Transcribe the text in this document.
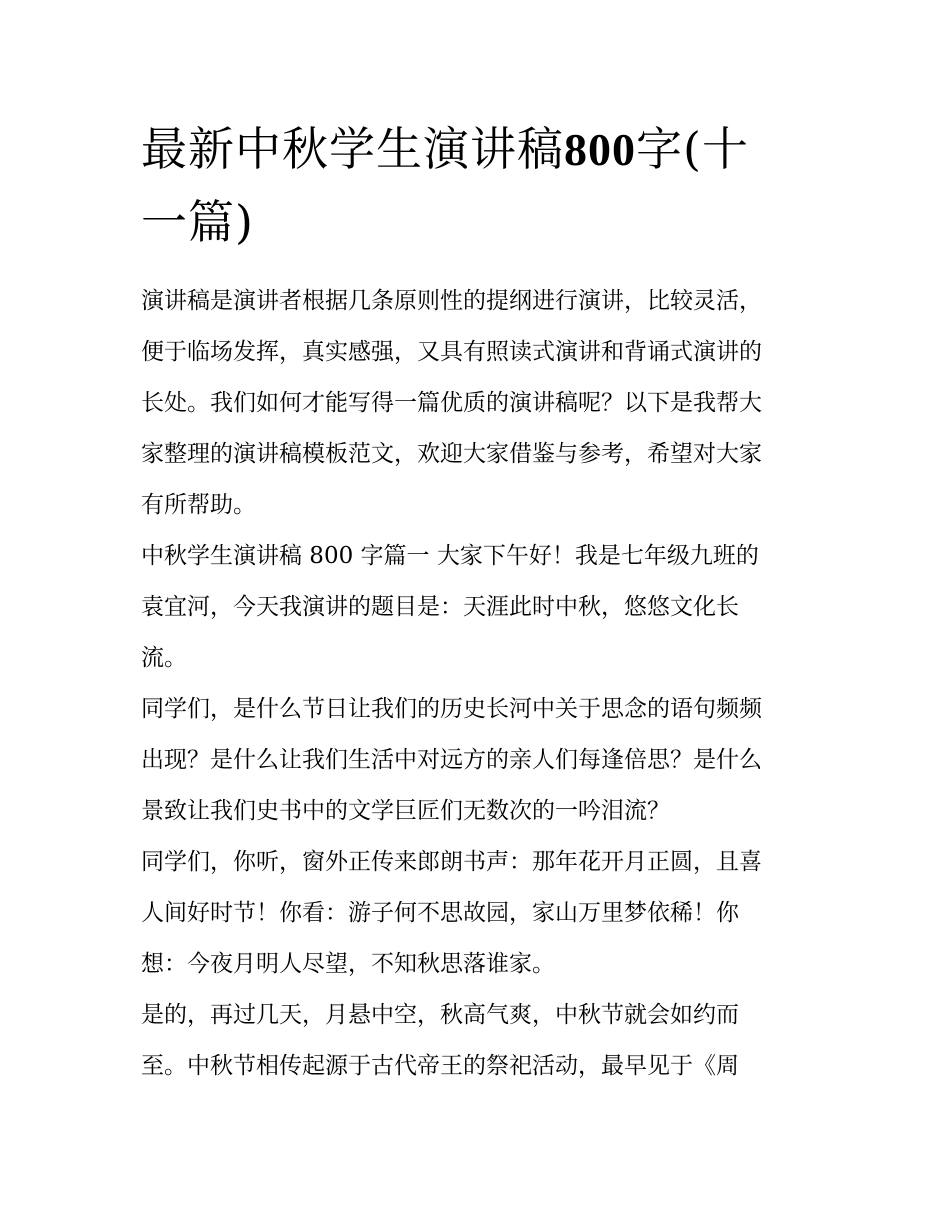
最新中秋学生演讲稿800字(十
一篇)
演讲稿是演讲者根据几条原则性的提纲进行演讲，比较灵活，
便于临场发挥，真实感强，又具有照读式演讲和背诵式演讲的
长处。我们如何才能写得一篇优质的演讲稿呢？以下是我帮大
家整理的演讲稿模板范文，欢迎大家借鉴与参考，希望对大家
有所帮助。
中秋学生演讲稿 800 字篇一 大家下午好！我是七年级九班的
袁宜河，今天我演讲的题目是：天涯此时中秋，悠悠文化长
流。
同学们，是什么节日让我们的历史长河中关于思念的语句频频
出现？是什么让我们生活中对远方的亲人们每逢倍思？是什么
景致让我们史书中的文学巨匠们无数次的一吟泪流？
同学们，你听，窗外正传来郎朗书声：那年花开月正圆，且喜
人间好时节！你看：游子何不思故园，家山万里梦依稀！你
想：今夜月明人尽望，不知秋思落谁家。
是的，再过几天，月悬中空，秋高气爽，中秋节就会如约而
至。中秋节相传起源于古代帝王的祭祀活动，最早见于《周
